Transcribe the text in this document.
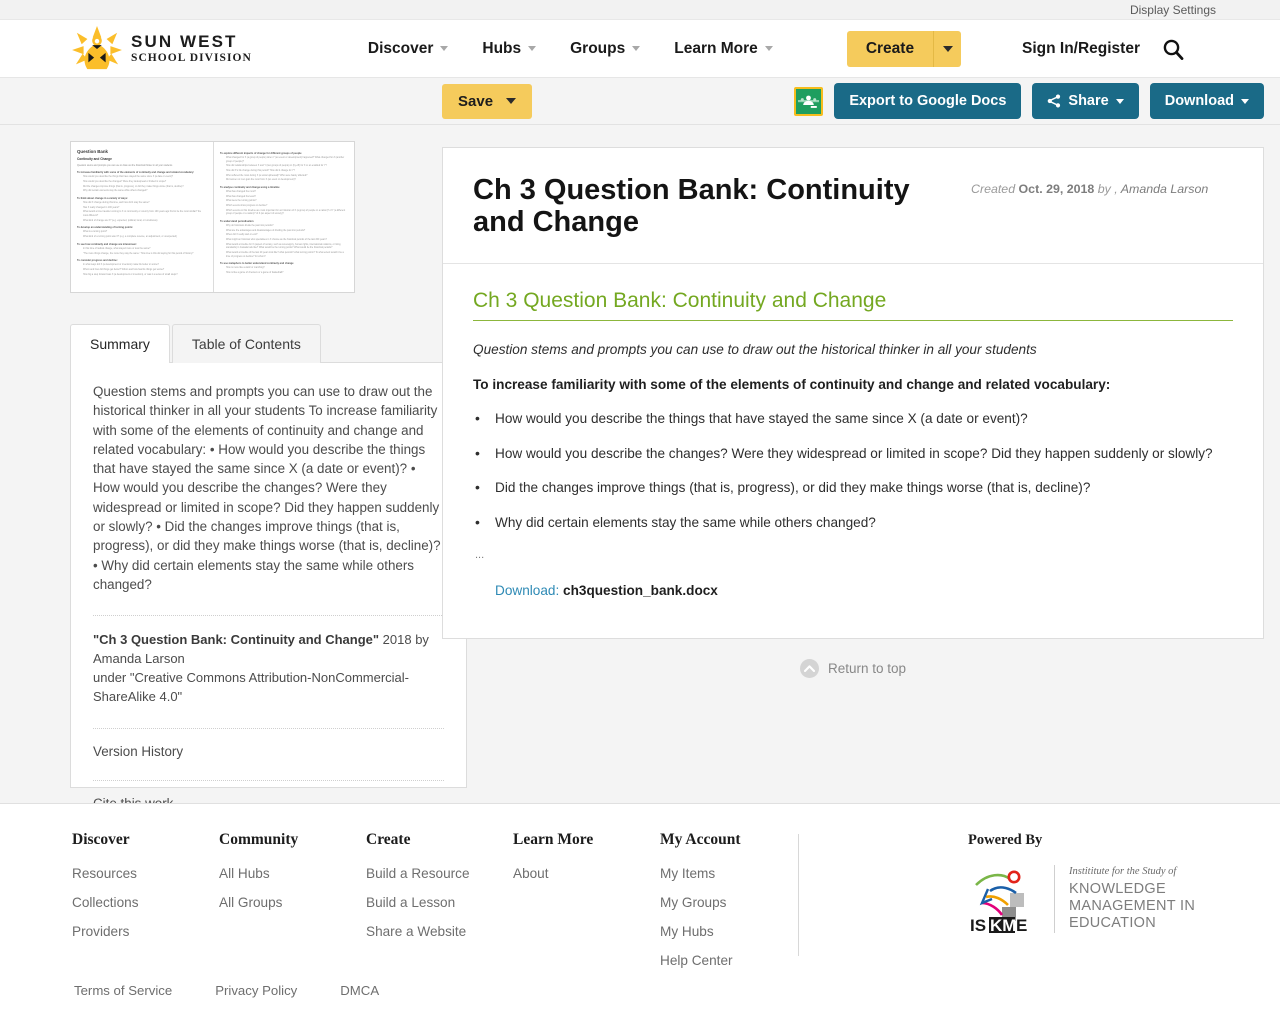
Display Settings
SUN WEST
SCHOOL DIVISION
Discover	Hubs	Groups	Learn More	Create	Sign In/Register
Save	Export to Google Docs	Share	Download
Question Bank
Continuity and Change
Question stems and prompts you can use to draw out the historical thinker in all your students
To increase familiarity with some of the elements of continuity and change and related vocabulary:
How would you describe the things that have stayed the same since X (a date or event)?
How would you describe the changes? Were they widespread or limited in scope?
Did the changes improve things (that is, progress), or did they make things worse (that is, decline)?
Why did certain elements stay the same while others changed?
To think about change in a variety of ways:
How did X change during this time, and how did it stay the same?
Has X really changed in 100 years?
What would a time traveller coming to X or community or country from 100 years ago find to be the most similar? the most different?
What kind of change are X? (e.g. expected, political, local, or tumultuous)
To develop an understanding of turning points:
What is a turning point?
What kind of a turning point was X? (e.g. a complete reverse, an adjustment, or unexpected)
To see how continuity and change are interwoven:
In this time of radical change, what stayed more or less the same?
"The more things change, the more they stay the same." How true is this old saying for this period of history?
To consider progress and decline:
In what ways did X (a development or invention) make life better or worse?
Whom and how did things get better? Whom and how has life things get worse?
How big a step forward was X (a development or invention), or was it a series of small steps?
To explore different impacts of change for different groups of people
What changed for X (a group of people) when Y (an event or development) happened? What changed for Z (another group of people)?
How did relationships between X and Y (two groups of people) or (by-off) for X or an enabled for Y?
How did X's life change during this period? How did it change for Y?
Who suffered the most during X (a social upheaval)? Who were barely affected?
Did women or men gain the most from X (an event or development)?
To analyse continuity and change using a timeline
What has changed the most?
What has changed the least?
What were the turning points?
Which events show progress or decline?
Which events on this timeline are most important for an historian of X (a group of people or a nation)? of Y (a different group of people or a nation)? of Z (an aspect of society)?
To understand periodisation
Why do historians divide the past into periods?
What are the advantages and disadvantages of dividing the past into periods?
When did X really start or end?
What might an historian who specialises in X choose as the historical periods of the last 200 years?
What would a timeline for X (aspect of society, such as sovereignty, human rights, international relations, or living standards) in Canada look like? What would be the turning points? What would be the historical periods?
What would a timeline of the last 20 years look like? what periods? what turning points? To what extent would it be a time of progress or decline? for whom?
To use metaphors to better understand continuity and change
How is more like a waltz or marching?
How is like a game of checkers or a game of basketball?
Summary	Table of Contents
Question stems and prompts you can use to draw out the historical thinker in all your students To increase familiarity with some of the elements of continuity and change and related vocabulary: • How would you describe the things that have stayed the same since X (a date or event)? • How would you describe the changes? Were they widespread or limited in scope? Did they happen suddenly or slowly? • Did the changes improve things (that is, progress), or did they make things worse (that is, decline)? • Why did certain elements stay the same while others changed?
"Ch 3 Question Bank: Continuity and Change" 2018 by Amanda Larson
under "Creative Commons Attribution-NonCommercial-ShareAlike 4.0"
Version History
Ch 3 Question Bank: Continuity and Change
Created Oct. 29, 2018 by , Amanda Larson
Ch 3 Question Bank: Continuity and Change
Question stems and prompts you can use to draw out the historical thinker in all your students
To increase familiarity with some of the elements of continuity and change and related vocabulary:
• How would you describe the things that have stayed the same since X (a date or event)?
• How would you describe the changes? Were they widespread or limited in scope? Did they happen suddenly or slowly?
• Did the changes improve things (that is, progress), or did they make things worse (that is, decline)?
• Why did certain elements stay the same while others changed?
...
Download: ch3question_bank.docx
Return to top
Discover
Resources
Collections
Providers
Community
All Hubs
All Groups
Create
Build a Resource
Build a Lesson
Share a Website
Learn More
About
My Account
My Items
My Groups
My Hubs
Help Center
Powered By
IS KM E
Instititute for the Study of
KNOWLEDGE
MANAGEMENT IN
EDUCATION
Terms of Service	Privacy Policy	DMCA
